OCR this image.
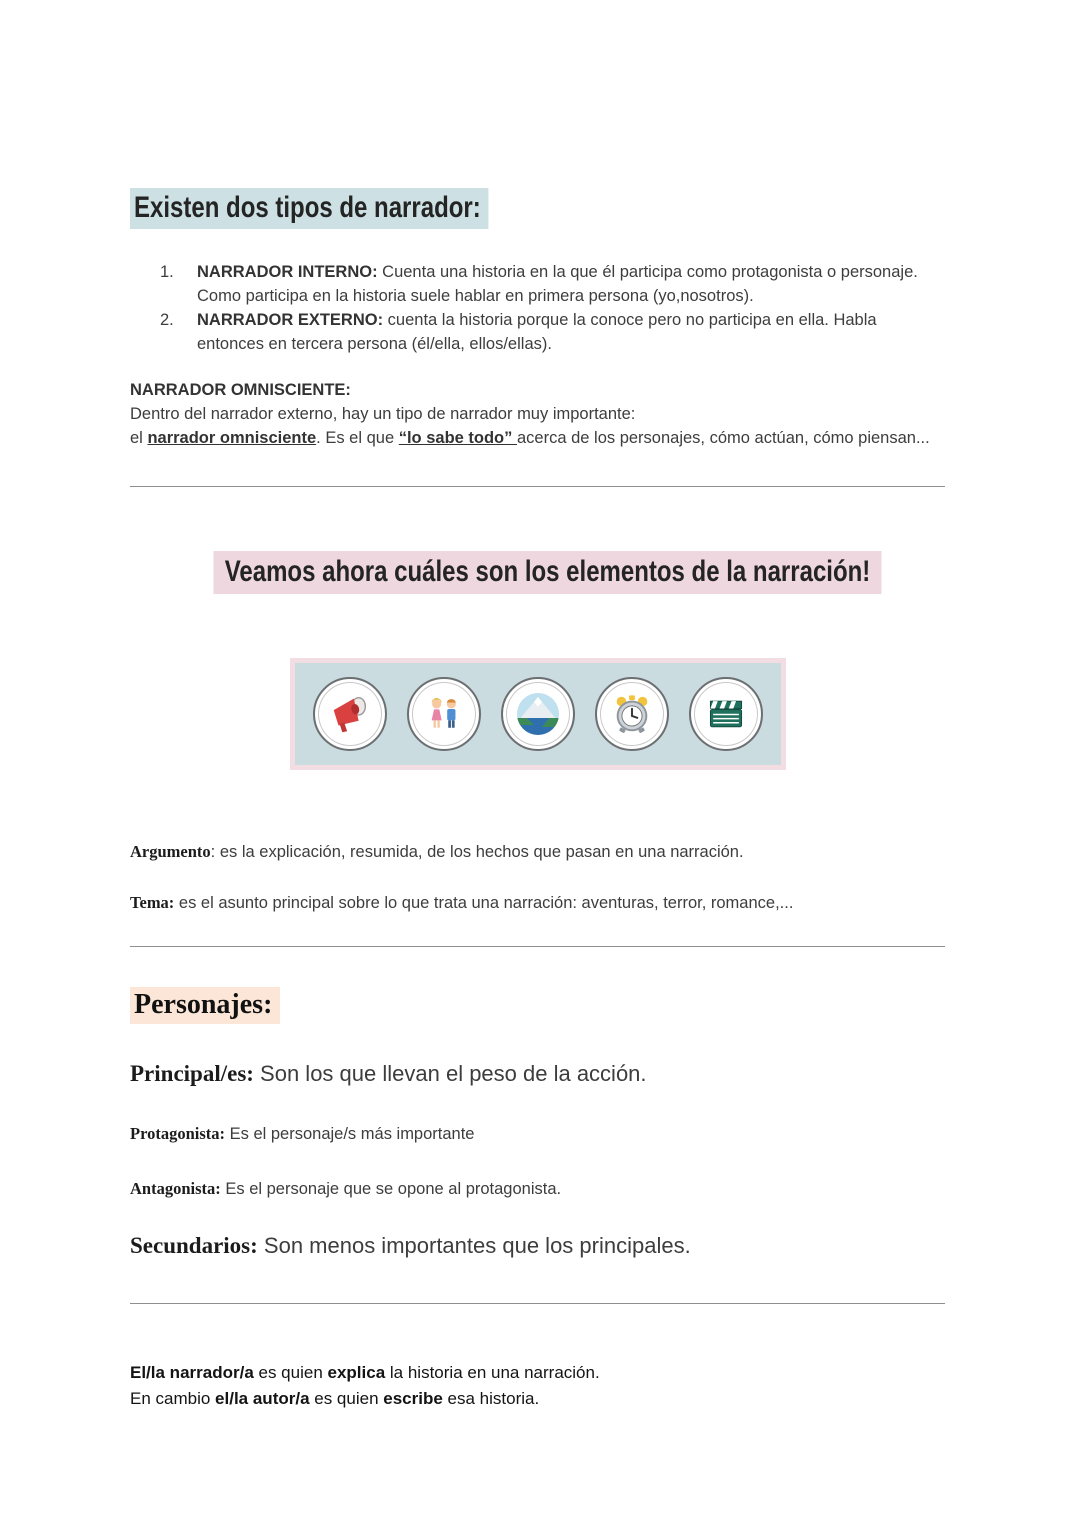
Existen dos tipos de narrador:
1.	NARRADOR INTERNO: Cuenta una historia en la que él participa como protagonista o personaje. Como participa en la historia suele hablar en primera persona (yo,nosotros).

2.	NARRADOR EXTERNO: cuenta la historia porque la conoce pero no participa en ella. Habla entonces en tercera persona (él/ella, ellos/ellas).

NARRADOR OMNISCIENTE:
Dentro del narrador externo, hay un tipo de narrador muy importante:
el narrador omnisciente. Es el que “lo sabe todo” acerca de los personajes, cómo actúan, cómo piensan...

Veamos ahora cuáles son los elementos de la narración!

Argumento: es la explicación, resumida, de los hechos que pasan en una narración.

Tema: es el asunto principal sobre lo que trata una narración: aventuras, terror, romance,...

Personajes:

Principal/es: Son los que llevan el peso de la acción.

Protagonista: Es el personaje/s más importante

Antagonista: Es el personaje que se opone al protagonista.

Secundarios: Son menos importantes que los principales.

El/la narrador/a es quien explica la historia en una narración.
En cambio el/la autor/a es quien escribe esa historia.
